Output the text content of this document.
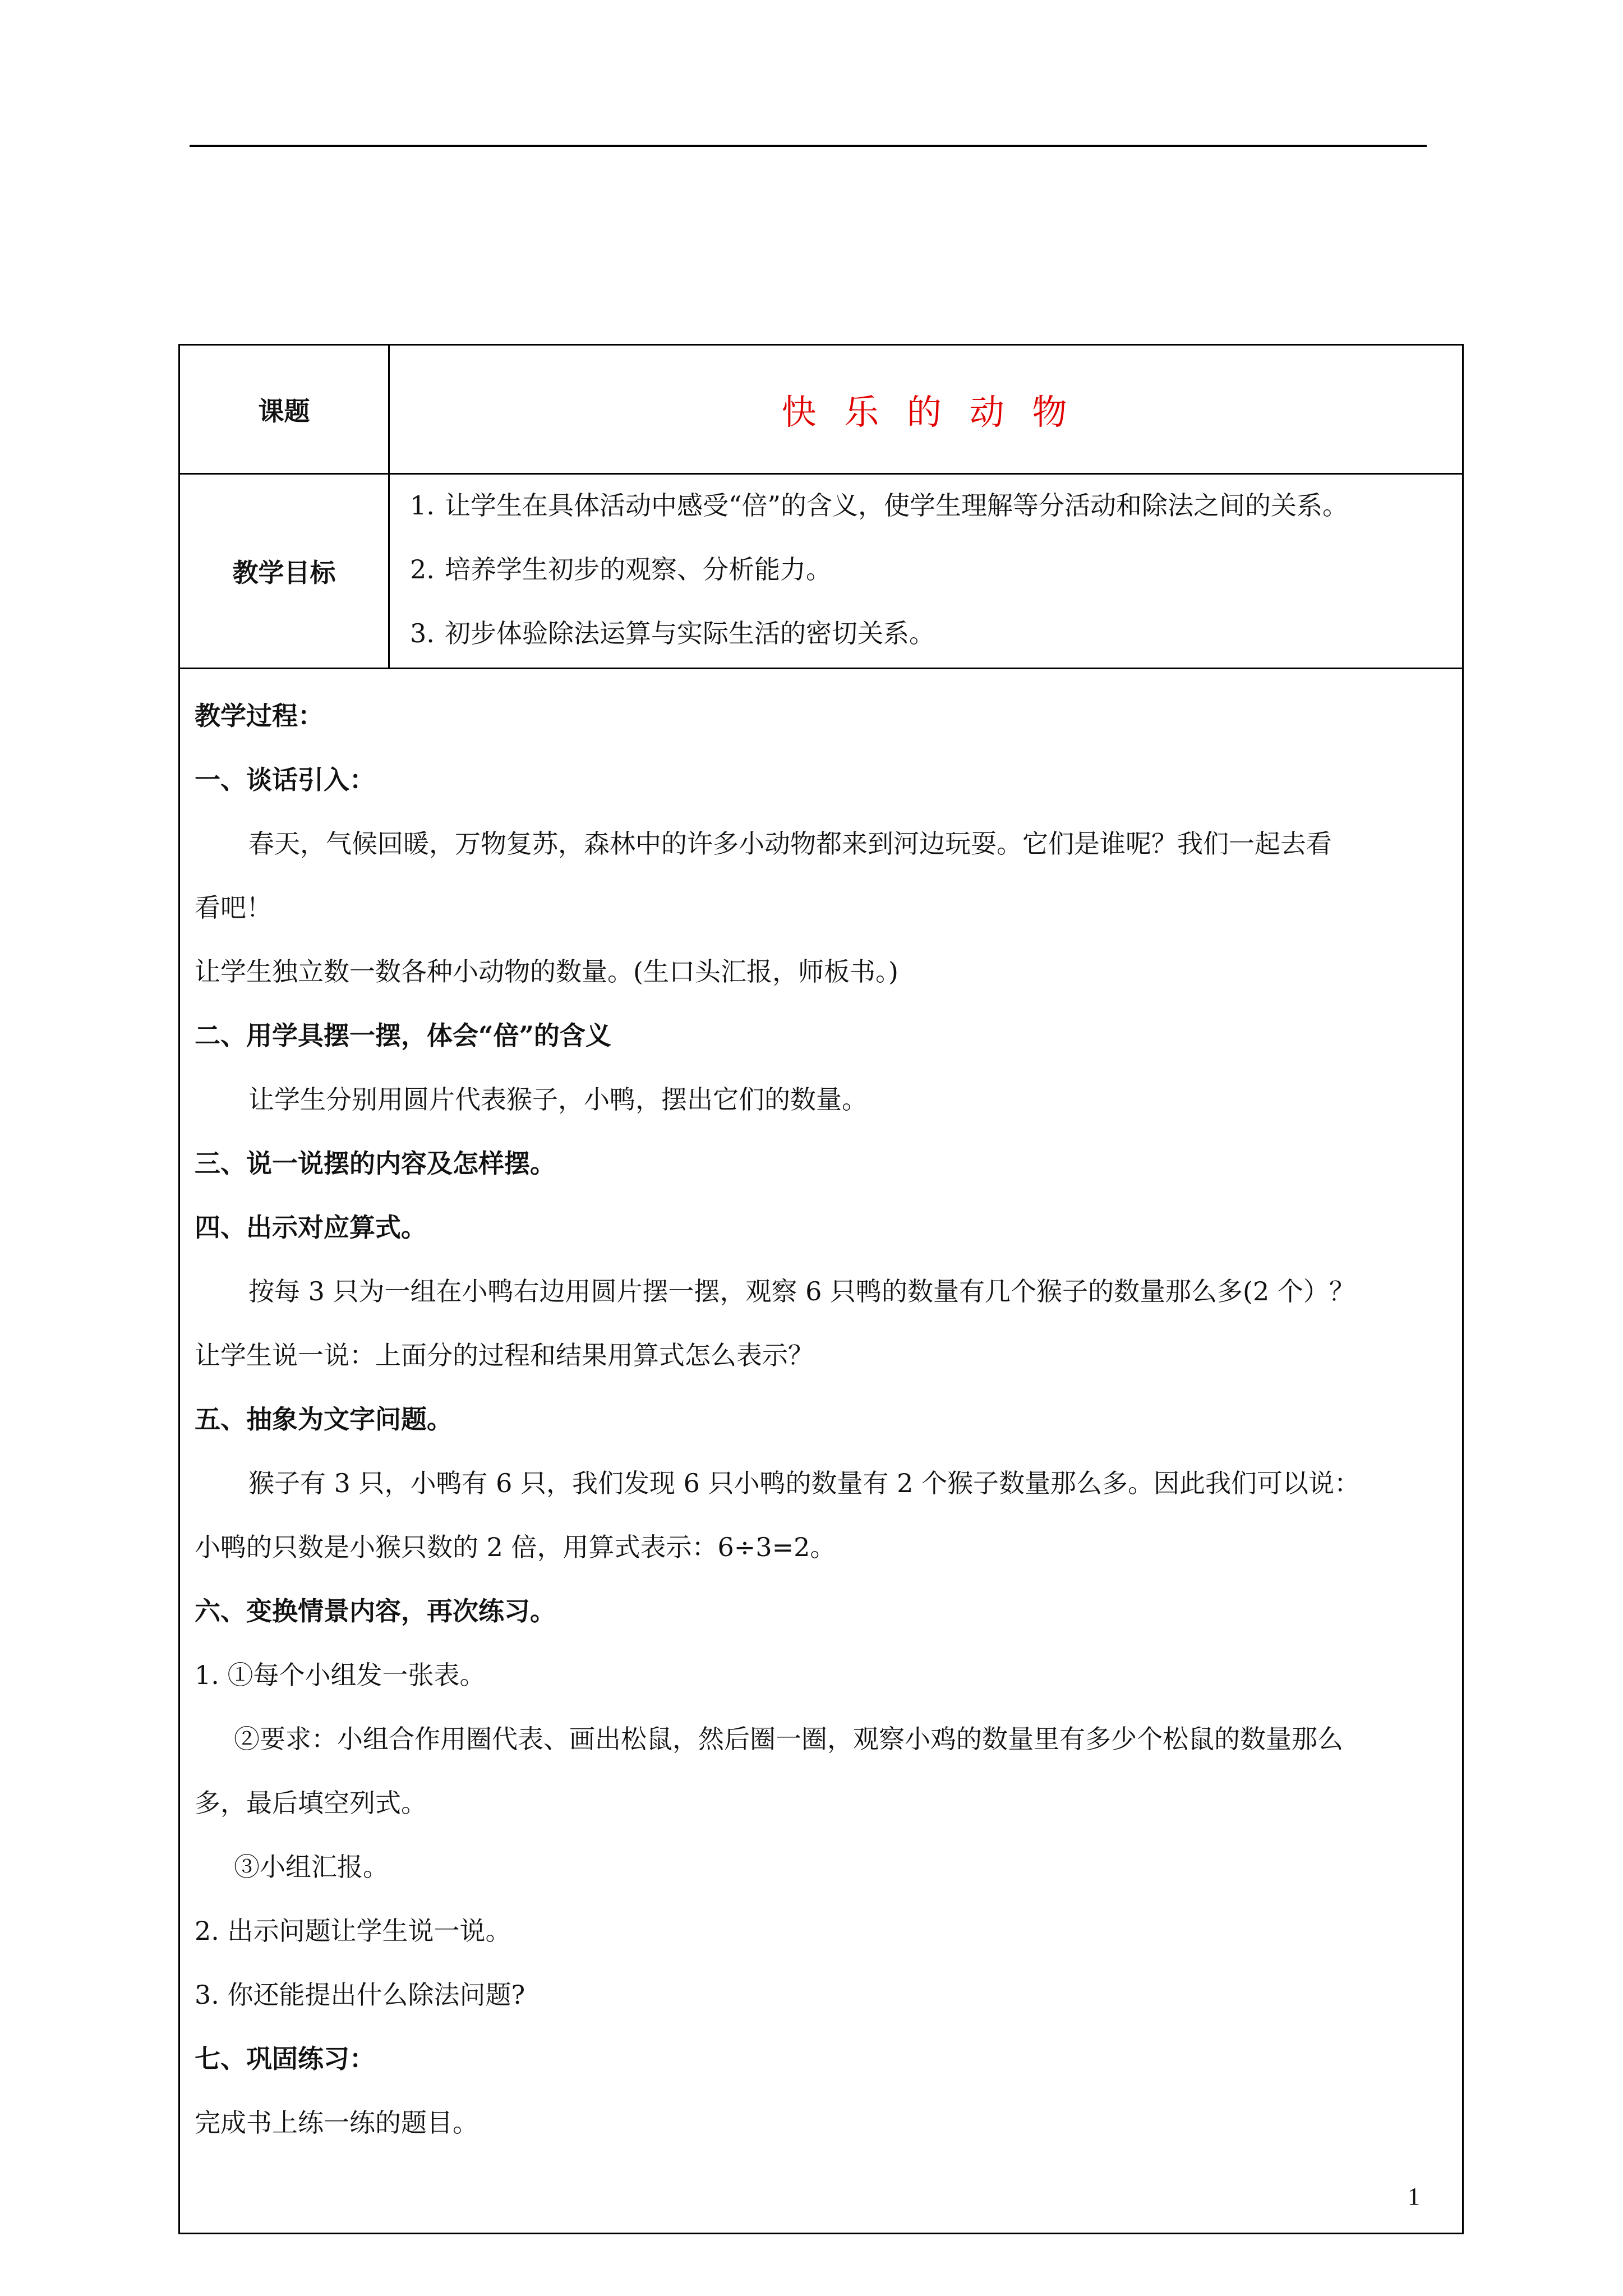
课题	快 乐 的 动 物
教学目标
1. 让学生在具体活动中感受“倍”的含义，使学生理解等分活动和除法之间的关系。
2. 培养学生初步的观察、分析能力。
3. 初步体验除法运算与实际生活的密切关系。

教学过程：

一、谈话引入：

春天，气候回暖，万物复苏，森林中的许多小动物都来到河边玩耍。它们是谁呢？我们一起去看

看吧！

让学生独立数一数各种小动物的数量。(生口头汇报，师板书。)

二、用学具摆一摆，体会“倍”的含义

让学生分别用圆片代表猴子，小鸭，摆出它们的数量。

三、说一说摆的内容及怎样摆。

四、出示对应算式。

按每 3 只为一组在小鸭右边用圆片摆一摆，观察 6 只鸭的数量有几个猴子的数量那么多(2 个）？

让学生说一说：上面分的过程和结果用算式怎么表示？

五、抽象为文字问题。

猴子有 3 只，小鸭有 6 只，我们发现 6 只小鸭的数量有 2 个猴子数量那么多。因此我们可以说：

小鸭的只数是小猴只数的 2 倍，用算式表示：6÷3=2。

六、变换情景内容，再次练习。

1. ①每个小组发一张表。

②要求：小组合作用圈代表、画出松鼠，然后圈一圈，观察小鸡的数量里有多少个松鼠的数量那么

多，最后填空列式。

③小组汇报。

2. 出示问题让学生说一说。

3. 你还能提出什么除法问题?

七、巩固练习：

完成书上练一练的题目。

1
